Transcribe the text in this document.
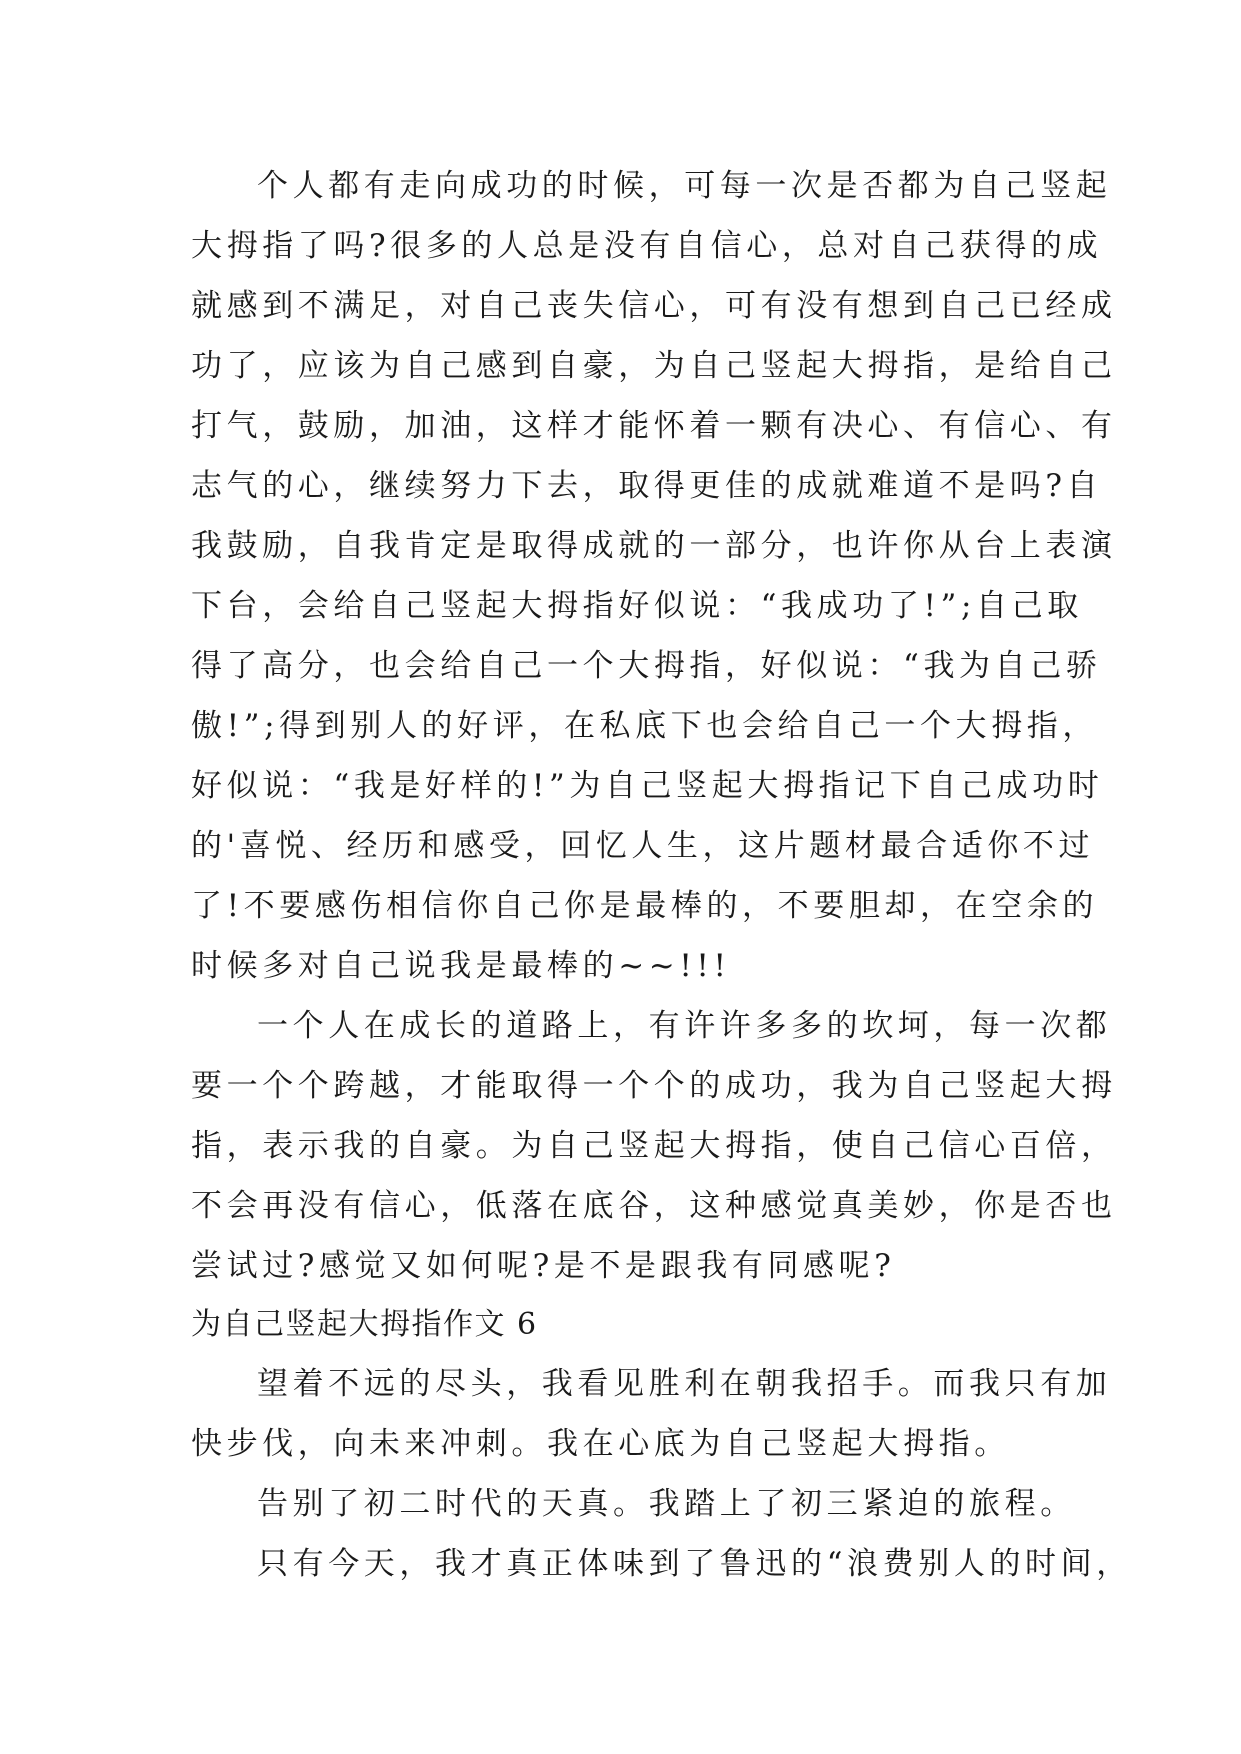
个人都有走向成功的时候，可每一次是否都为自己竖起
大拇指了吗?很多的人总是没有自信心，总对自己获得的成
就感到不满足，对自己丧失信心，可有没有想到自己已经成
功了，应该为自己感到自豪，为自己竖起大拇指，是给自己
打气，鼓励，加油，这样才能怀着一颗有决心、有信心、有
志气的心，继续努力下去，取得更佳的成就难道不是吗?自
我鼓励，自我肯定是取得成就的一部分，也许你从台上表演
下台，会给自己竖起大拇指好似说：“我成功了!”;自己取
得了高分，也会给自己一个大拇指，好似说：“我为自己骄
傲!”;得到别人的好评，在私底下也会给自己一个大拇指，
好似说：“我是好样的!”为自己竖起大拇指记下自己成功时
的'喜悦、经历和感受，回忆人生，这片题材最合适你不过
了!不要感伤相信你自己你是最棒的，不要胆却，在空余的
时候多对自己说我是最棒的~~!!!
一个人在成长的道路上，有许许多多的坎坷，每一次都
要一个个跨越，才能取得一个个的成功，我为自己竖起大拇
指，表示我的自豪。为自己竖起大拇指，使自己信心百倍，
不会再没有信心，低落在底谷，这种感觉真美妙，你是否也
尝试过?感觉又如何呢?是不是跟我有同感呢?
为自己竖起大拇指作文 6
望着不远的尽头，我看见胜利在朝我招手。而我只有加
快步伐，向未来冲刺。我在心底为自己竖起大拇指。
告别了初二时代的天真。我踏上了初三紧迫的旅程。
只有今天，我才真正体味到了鲁迅的“浪费别人的时间，
